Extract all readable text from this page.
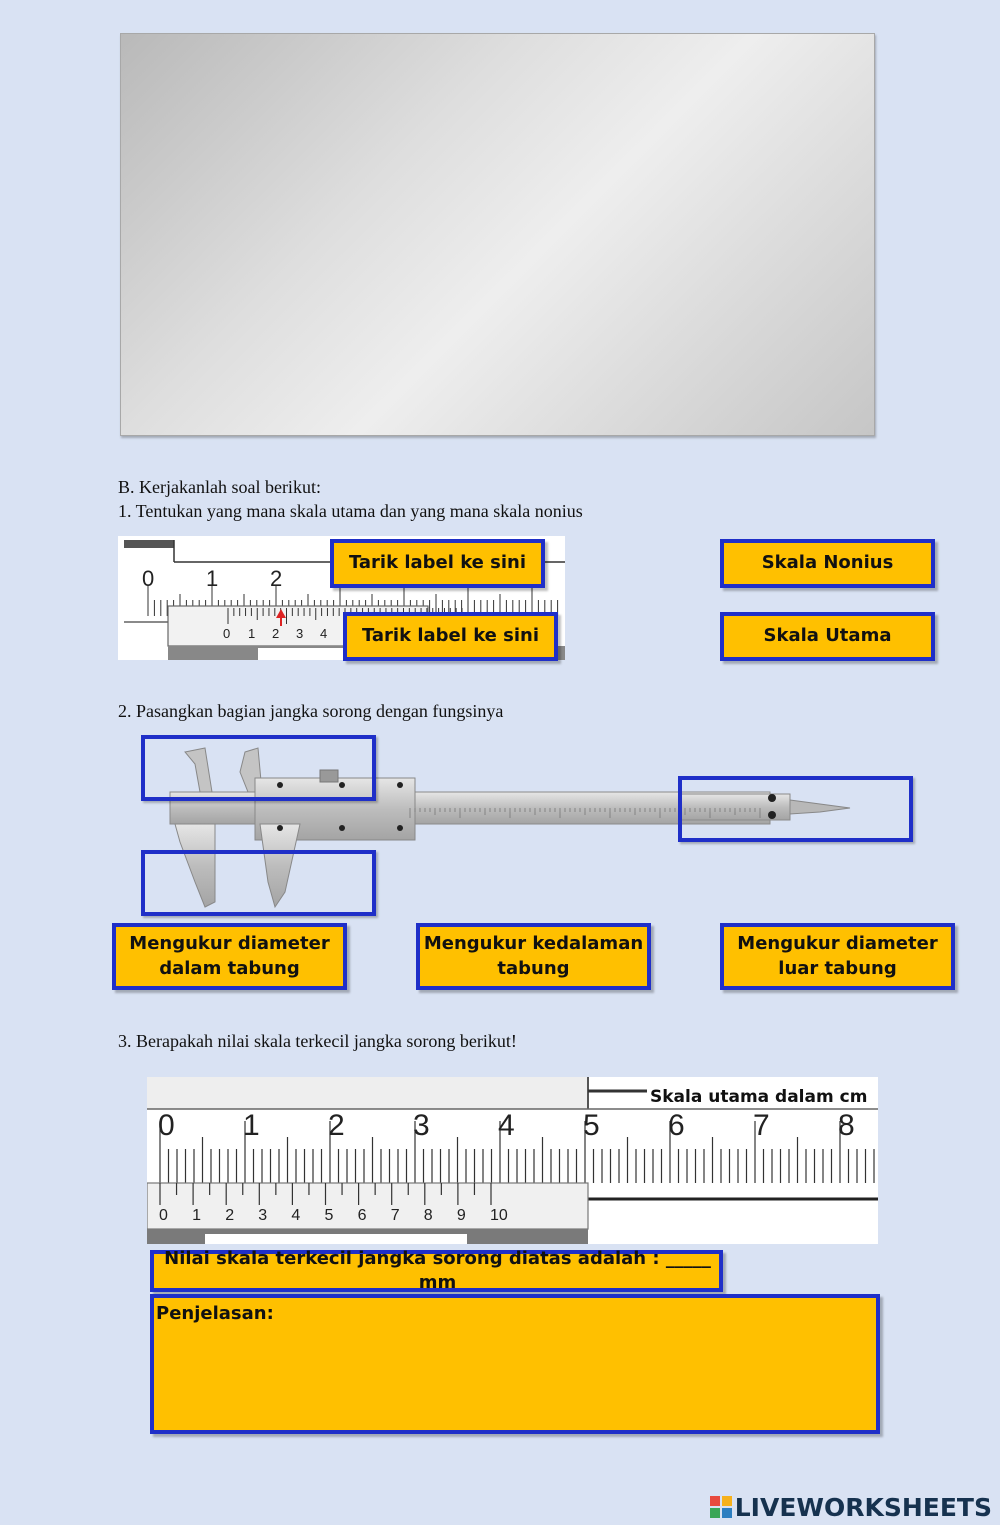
B. Kerjakanlah soal berikut:
1. Tentukan yang mana skala utama dan yang mana skala nonius
0 1 2
0 1 2 3 4
Tarik label ke sini
Tarik label ke sini
Skala Nonius
Skala Utama
2. Pasangkan bagian jangka sorong dengan fungsinya
Mengukur diameter dalam tabung
Mengukur kedalaman tabung
Mengukur diameter luar tabung
3. Berapakah nilai skala terkecil jangka sorong berikut!
Skala utama dalam cm
0 1 2 3 4 5 6 7 8
0 1 2 3 4 5 6 7 8 9 10
Nilai skala terkecil jangka sorong diatas adalah : _____ mm
Penjelasan:
LIVEWORKSHEETS
